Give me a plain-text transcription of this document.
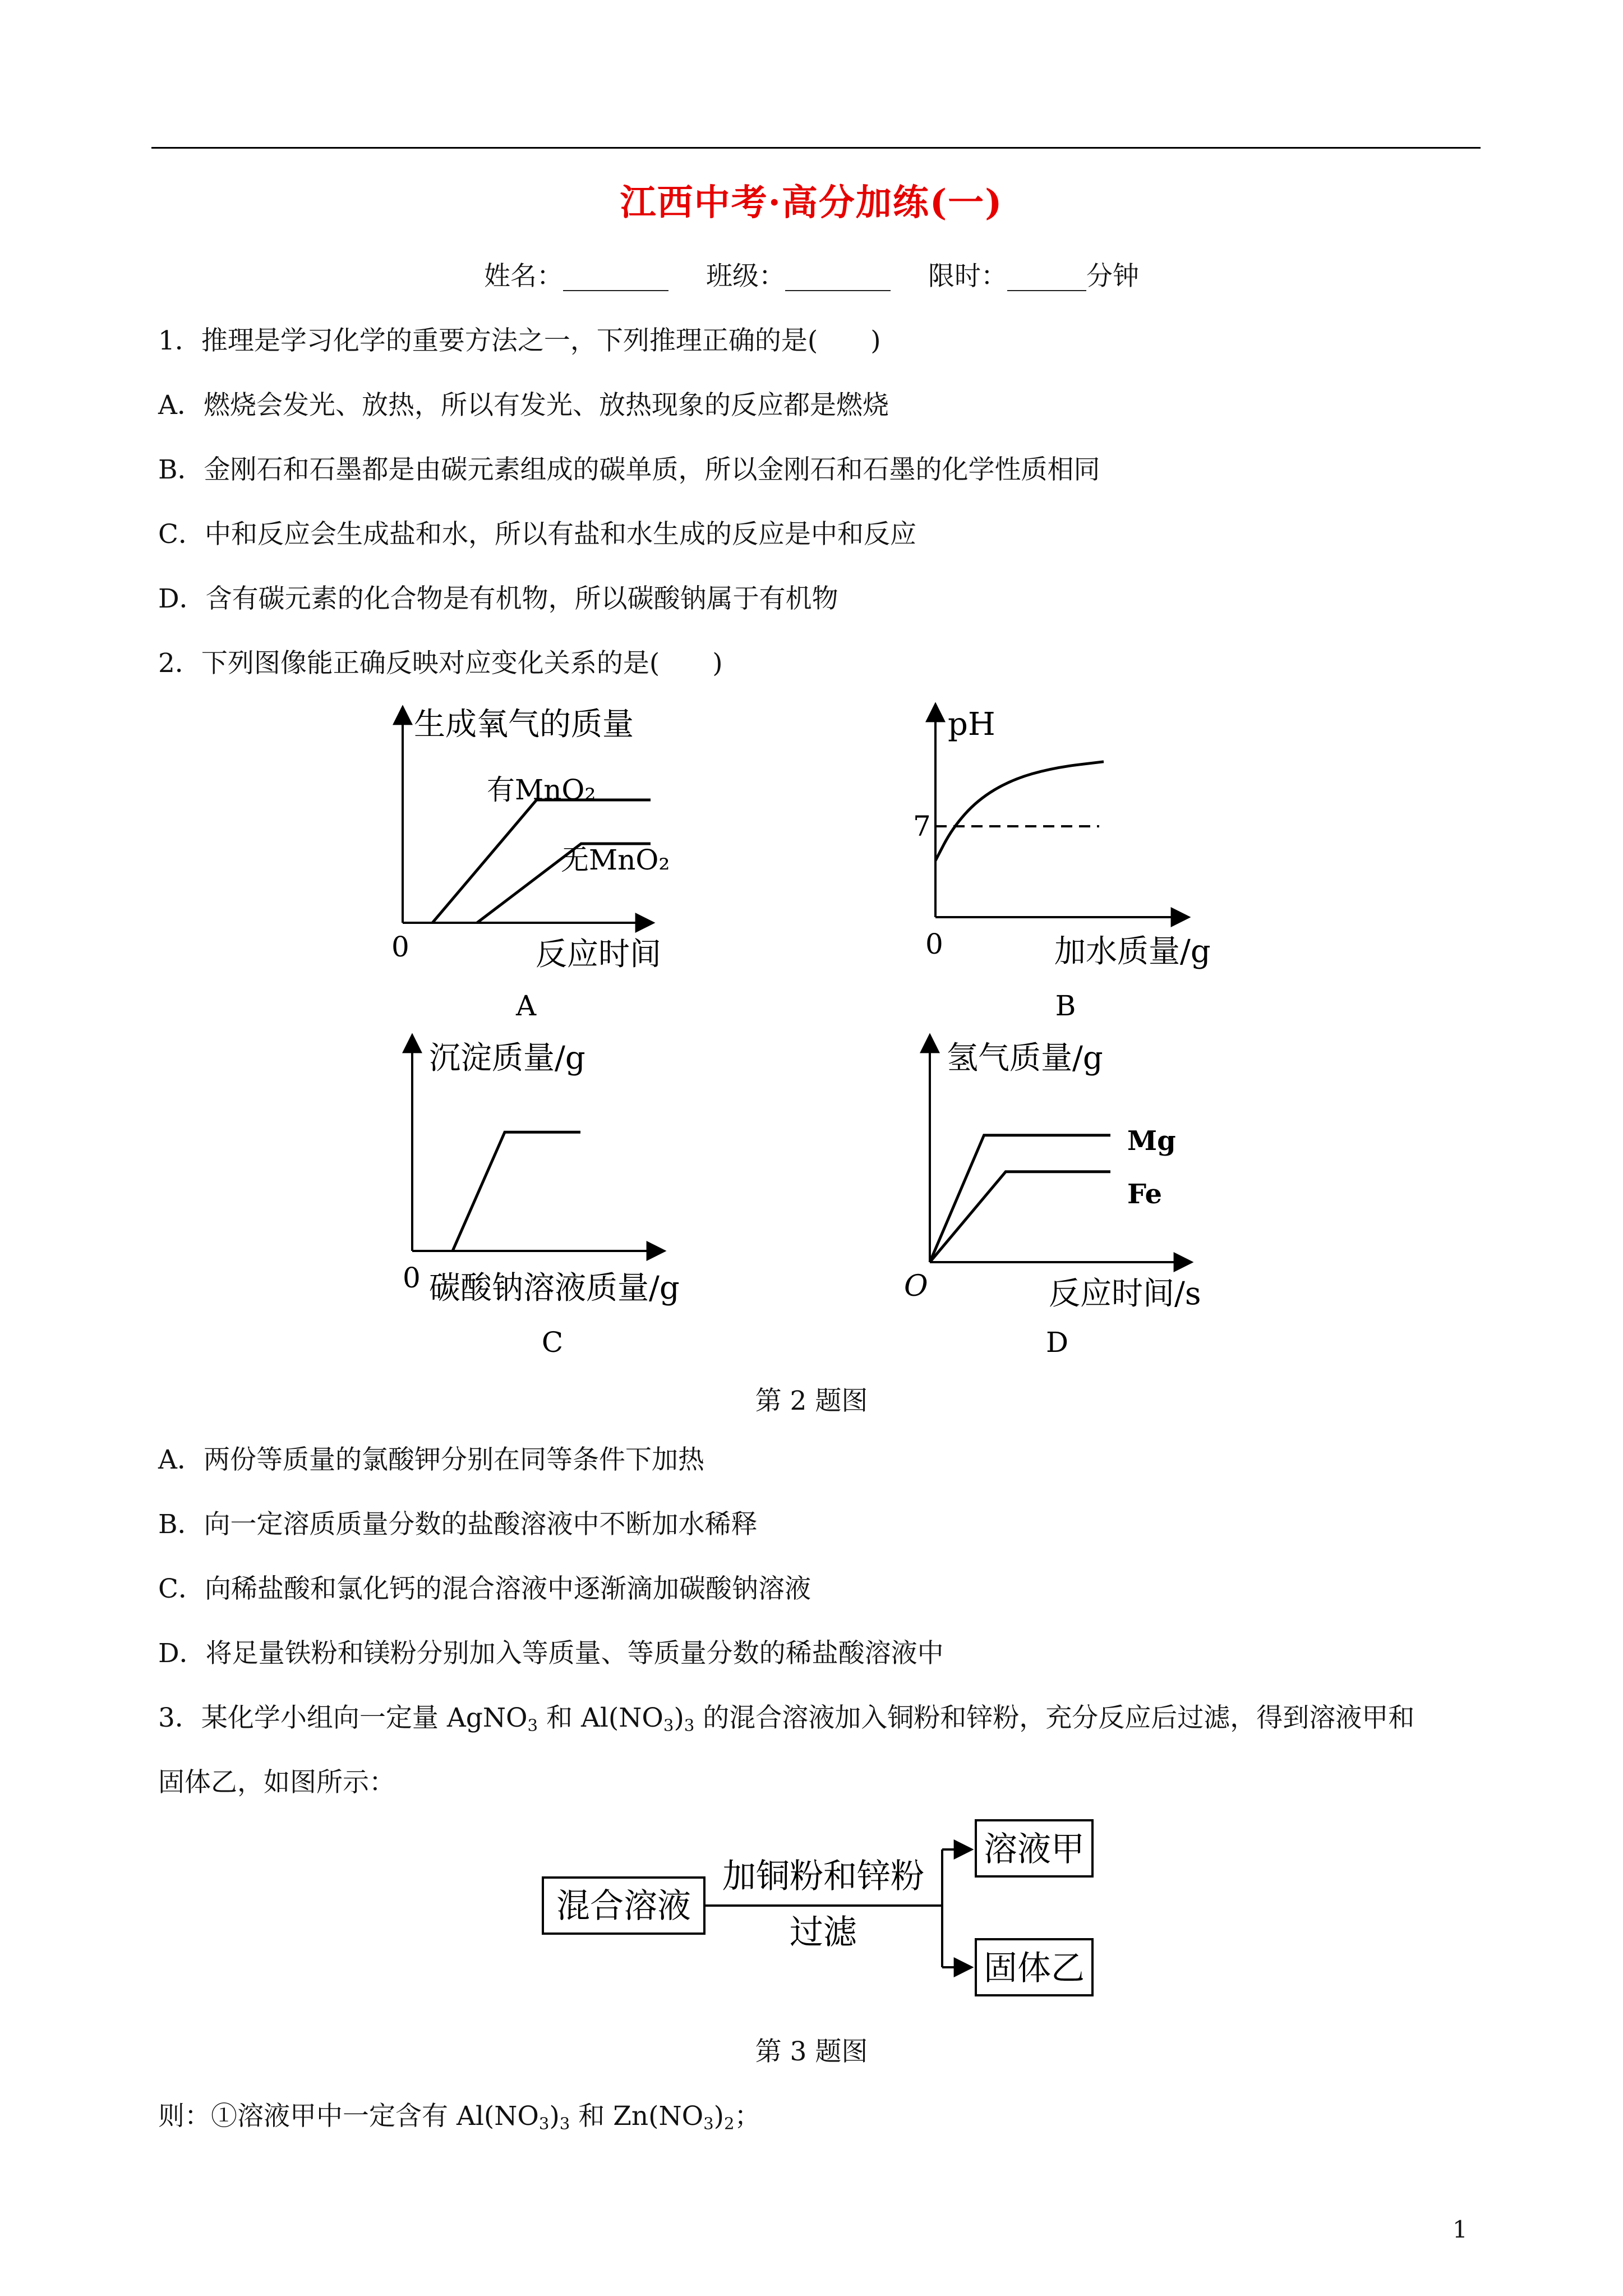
江西中考·高分加练(一)
姓名：________ 班级：________ 限时：______分钟
1．推理是学习化学的重要方法之一，下列推理正确的是(　　)
A．燃烧会发光、放热，所以有发光、放热现象的反应都是燃烧
B．金刚石和石墨都是由碳元素组成的碳单质，所以金刚石和石墨的化学性质相同
C．中和反应会生成盐和水，所以有盐和水生成的反应是中和反应
D．含有碳元素的化合物是有机物，所以碳酸钠属于有机物
2．下列图像能正确反映对应变化关系的是(　　)
生成氧气的质量
反应时间
0
有MnO₂
无MnO₂
A
pH
加水质量/g
0
7
B
沉淀质量/g
碳酸钠溶液质量/g
0
C
氢气质量/g
反应时间/s
O
Mg
Fe
D
第 2 题图
A．两份等质量的氯酸钾分别在同等条件下加热
B．向一定溶质质量分数的盐酸溶液中不断加水稀释
C．向稀盐酸和氯化钙的混合溶液中逐渐滴加碳酸钠溶液
D．将足量铁粉和镁粉分别加入等质量、等质量分数的稀盐酸溶液中
3．某化学小组向一定量 AgNO$_3$ 和 $Al(NO_3)_3$ 的混合溶液加入铜粉和锌粉，充分反应后过滤，得到溶液甲和
固体乙，如图所示：
混合溶液
加铜粉和锌粉
过滤
溶液甲
固体乙
第 3 题图
则：①溶液甲中一定含有 $Al(NO_3)_3$ 和 $Zn(NO_3)_2$；
1
